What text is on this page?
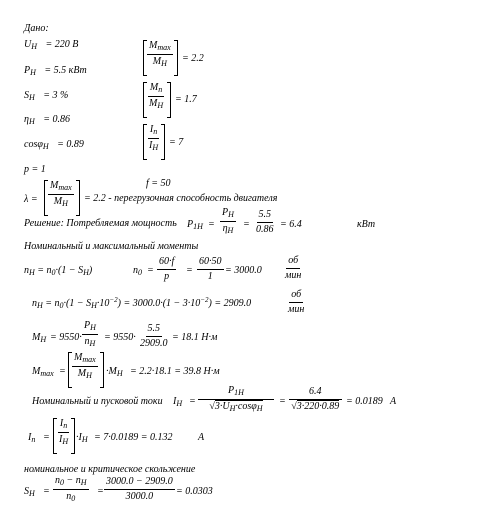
Дано:
$U_H = 220$ B
$P_H = 5.5$ кВт
$S_H = 3$ %
$\eta_H = 0.86$
cosφ$_H$ = 0.89
p = 1
$M_{max}$
$M_H = 2.2$
$\frac{M_n}{M_H} = 1.7$
$\frac{I_n}{I_H} = 7$
f = 50
λ =
$M_{max}$
$M_H = 2.2$ - перегрузочная способность двигателя
Решение: Потребляемая мощность $P_{1H} = \frac{P_H}{\eta_H} = \frac{5.5}{0.86} = 6.4$	кВт
Номинальный и максимальный моменты
$n_H = n_0\cdot(1 - S_H)$	$n_0 = \frac{60\cdot f}{p} = \frac{60\cdot 50}{1} = 3000.0$
об
мин
$n_H = n_0\cdot(1 - S_H\cdot 10^{-2}) = 3000.0\cdot(1 - 3\cdot 10^{-2}) = 2909.0$
об
мин
$M_H = 9550\cdot \frac{P_H}{n_H} = 9550\cdot \frac{5.5}{2909.0} = 18.1$ H·м
$M_{max}$ =
$M_{max}$
$M_H \cdot M_H = 2.2\cdot 18.1 = 39.8$ H·м
Номинальный и пусковой токи $I_H = \frac{P_{1H}}{√3\cdot U_H\cdot\cos\varphi_H} = \frac{6.4}{√3\cdot 220\cdot 0.89} = 0.0189$ A
$I_n = \frac{I_n}{I_H} \cdot I_H = 7\cdot 0.0189 = 0.132$	A
номинальное и критическое скольжение
$S_H = \frac{n_0 - n_H}{n_0} = \frac{3000.0 - 2909.0}{3000.0} = 0.0303$
